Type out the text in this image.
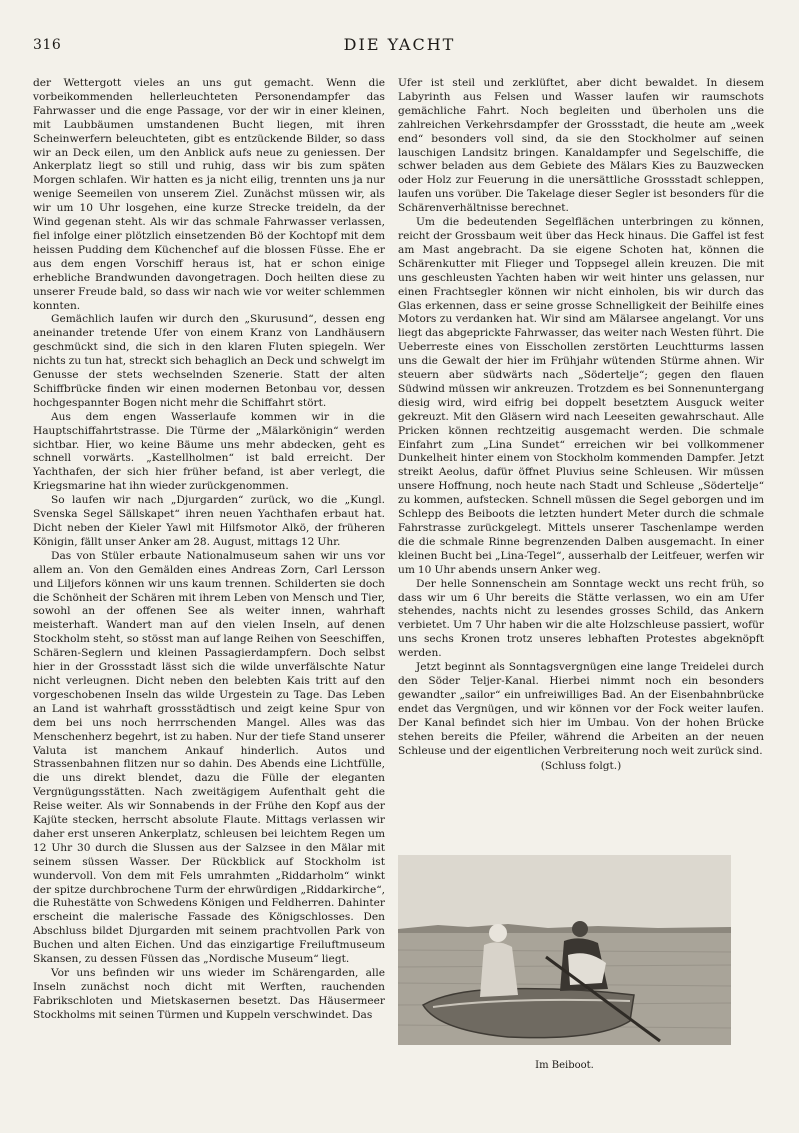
316	DIE YACHT

der Wettergott vieles an uns gut gemacht. Wenn die vorbeikommenden hellerleuchteten Personendampfer das Fahrwasser und die enge Passage, vor der wir in einer kleinen, mit Laubbäumen umstandenen Bucht liegen, mit ihren Scheinwerfern beleuchteten, gibt es entzückende Bilder, so dass wir an Deck eilen, um den Anblick aufs neue zu geniessen. Der Ankerplatz liegt so still und ruhig, dass wir bis zum späten Morgen schlafen. Wir hatten es ja nicht eilig, trennten uns ja nur wenige Seemeilen von unserem Ziel. Zunächst müssen wir, als wir um 10 Uhr losgehen, eine kurze Strecke treideln, da der Wind gegenan steht. Als wir das schmale Fahrwasser verlassen, fiel infolge einer plötzlich einsetzenden Bö der Kochtopf mit dem heissen Pudding dem Küchenchef auf die blossen Füsse. Ehe er aus dem engen Vorschiff heraus ist, hat er schon einige erhebliche Brandwunden davongetragen. Doch heilten diese zu unserer Freude bald, so dass wir nach wie vor weiter schlemmen konnten.

Gemächlich laufen wir durch den „Skurusund“, dessen eng aneinander tretende Ufer von einem Kranz von Landhäusern geschmückt sind, die sich in den klaren Fluten spiegeln. Wer nichts zu tun hat, streckt sich behaglich an Deck und schwelgt im Genusse der stets wechselnden Szenerie. Statt der alten Schiffbrücke finden wir einen modernen Betonbau vor, dessen hochgespannter Bogen nicht mehr die Schiffahrt stört.

Aus dem engen Wasserlaufe kommen wir in die Hauptschiffahrtstrasse. Die Türme der „Mälarkönigin“ werden sichtbar. Hier, wo keine Bäume uns mehr abdecken, geht es schnell vorwärts. „Kastellholmen“ ist bald erreicht. Der Yachthafen, der sich hier früher befand, ist aber verlegt, die Kriegsmarine hat ihn wieder zurückgenommen.

So laufen wir nach „Djurgarden“ zurück, wo die „Kungl. Svenska Segel Sällskapet“ ihren neuen Yachthafen erbaut hat. Dicht neben der Kieler Yawl mit Hilfsmotor Alkö, der früheren Königin, fällt unser Anker am 28. August, mittags 12 Uhr.

Das von Stüler erbaute Nationalmuseum sahen wir uns vor allem an. Von den Gemälden eines Andreas Zorn, Carl Lersson und Liljefors können wir uns kaum trennen. Schilderten sie doch die Schönheit der Schären mit ihrem Leben von Mensch und Tier, sowohl an der offenen See als weiter innen, wahrhaft meisterhaft. Wandert man auf den vielen Inseln, auf denen Stockholm steht, so stösst man auf lange Reihen von Seeschiffen, Schären-Seglern und kleinen Passagierdampfern. Doch selbst hier in der Grossstadt lässt sich die wilde unverfälschte Natur nicht verleugnen. Dicht neben den belebten Kais tritt auf den vorgeschobenen Inseln das wilde Urgestein zu Tage. Das Leben an Land ist wahrhaft grossstädtisch und zeigt keine Spur von dem bei uns noch herrrschenden Mangel. Alles was das Menschenherz begehrt, ist zu haben. Nur der tiefe Stand unserer Valuta ist manchem Ankauf hinderlich. Autos und Strassenbahnen flitzen nur so dahin. Des Abends eine Lichtfülle, die uns direkt blendet, dazu die Fülle der eleganten Vergnügungsstätten. Nach zweitägigem Aufenthalt geht die Reise weiter. Als wir Sonnabends in der Frühe den Kopf aus der Kajüte stecken, herrscht absolute Flaute. Mittags verlassen wir daher erst unseren Ankerplatz, schleusen bei leichtem Regen um 12 Uhr 30 durch die Slussen aus der Salzsee in den Mälar mit seinem süssen Wasser. Der Rückblick auf Stockholm ist wundervoll. Von dem mit Fels umrahmten „Riddarholm“ winkt der spitze durchbrochene Turm der ehrwürdigen „Riddarkirche“, die Ruhestätte von Schwedens Königen und Feldherren. Dahinter erscheint die malerische Fassade des Königschlosses. Den Abschluss bildet Djurgarden mit seinem prachtvollen Park von Buchen und alten Eichen. Und das einzigartige Freiluftmuseum Skansen, zu dessen Füssen das „Nordische Museum“ liegt.

Vor uns befinden wir uns wieder im Schärengarden, alle Inseln zunächst noch dicht mit Werften, rauchenden Fabrikschloten und Mietskasernen besetzt. Das Häusermeer Stockholms mit seinen Türmen und Kuppeln verschwindet. Das

Ufer ist steil und zerklüftet, aber dicht bewaldet. In diesem Labyrinth aus Felsen und Wasser laufen wir raumschots gemächliche Fahrt. Noch begleiten und überholen uns die zahlreichen Verkehrsdampfer der Grossstadt, die heute am „week end“ besonders voll sind, da sie den Stockholmer auf seinen lauschigen Landsitz bringen. Kanaldampfer und Segelschiffe, die schwer beladen aus dem Gebiete des Mälars Kies zu Bauzwecken oder Holz zur Feuerung in die unersättliche Grossstadt schleppen, laufen uns vorüber. Die Takelage dieser Segler ist besonders für die Schärenverhältnisse berechnet.

Um die bedeutenden Segelflächen unterbringen zu können, reicht der Grossbaum weit über das Heck hinaus. Die Gaffel ist fest am Mast angebracht. Da sie eigene Schoten hat, können die Schärenkutter mit Flieger und Toppsegel allein kreuzen. Die mit uns geschleusten Yachten haben wir weit hinter uns gelassen, nur einen Frachtsegler können wir nicht einholen, bis wir durch das Glas erkennen, dass er seine grosse Schnelligkeit der Beihilfe eines Motors zu verdanken hat. Wir sind am Mälarsee angelangt. Vor uns liegt das abgeprickte Fahrwasser, das weiter nach Westen führt. Die Ueberreste eines von Eisschollen zerstörten Leuchtturms lassen uns die Gewalt der hier im Frühjahr wütenden Stürme ahnen. Wir steuern aber südwärts nach „Södertelje“; gegen den flauen Südwind müssen wir ankreuzen. Trotzdem es bei Sonnenuntergang diesig wird, wird eifrig bei doppelt besetztem Ausguck weiter gekreuzt. Mit den Gläsern wird nach Leeseiten gewahrschaut. Alle Pricken können rechtzeitig ausgemacht werden. Die schmale Einfahrt zum „Lina Sundet“ erreichen wir bei vollkommener Dunkelheit hinter einem von Stockholm kommenden Dampfer. Jetzt streikt Aeolus, dafür öffnet Pluvius seine Schleusen. Wir müssen unsere Hoffnung, noch heute nach Stadt und Schleuse „Södertelje“ zu kommen, aufstecken. Schnell müssen die Segel geborgen und im Schlepp des Beiboots die letzten hundert Meter durch die schmale Fahrstrasse zurückgelegt. Mittels unserer Taschenlampe werden die die schmale Rinne begrenzenden Dalben ausgemacht. In einer kleinen Bucht bei „Lina-Tegel“, ausserhalb der Leitfeuer, werfen wir um 10 Uhr abends unsern Anker weg.

Der helle Sonnenschein am Sonntage weckt uns recht früh, so dass wir um 6 Uhr bereits die Stätte verlassen, wo ein am Ufer stehendes, nachts nicht zu lesendes grosses Schild, das Ankern verbietet. Um 7 Uhr haben wir die alte Holzschleuse passiert, wofür uns sechs Kronen trotz unseres lebhaften Protestes abgeknöpft werden.

Jetzt beginnt als Sonntagsvergnügen eine lange Treidelei durch den Söder Teljer-Kanal. Hierbei nimmt noch ein besonders gewandter „sailor“ ein unfreiwilliges Bad. An der Eisenbahnbrücke endet das Vergnügen, und wir können vor der Fock weiter laufen. Der Kanal befindet sich hier im Umbau. Von der hohen Brücke stehen bereits die Pfeiler, während die Arbeiten an der neuen Schleuse und der eigentlichen Verbreiterung noch weit zurück sind.

(Schluss folgt.)
Im Beiboot.
